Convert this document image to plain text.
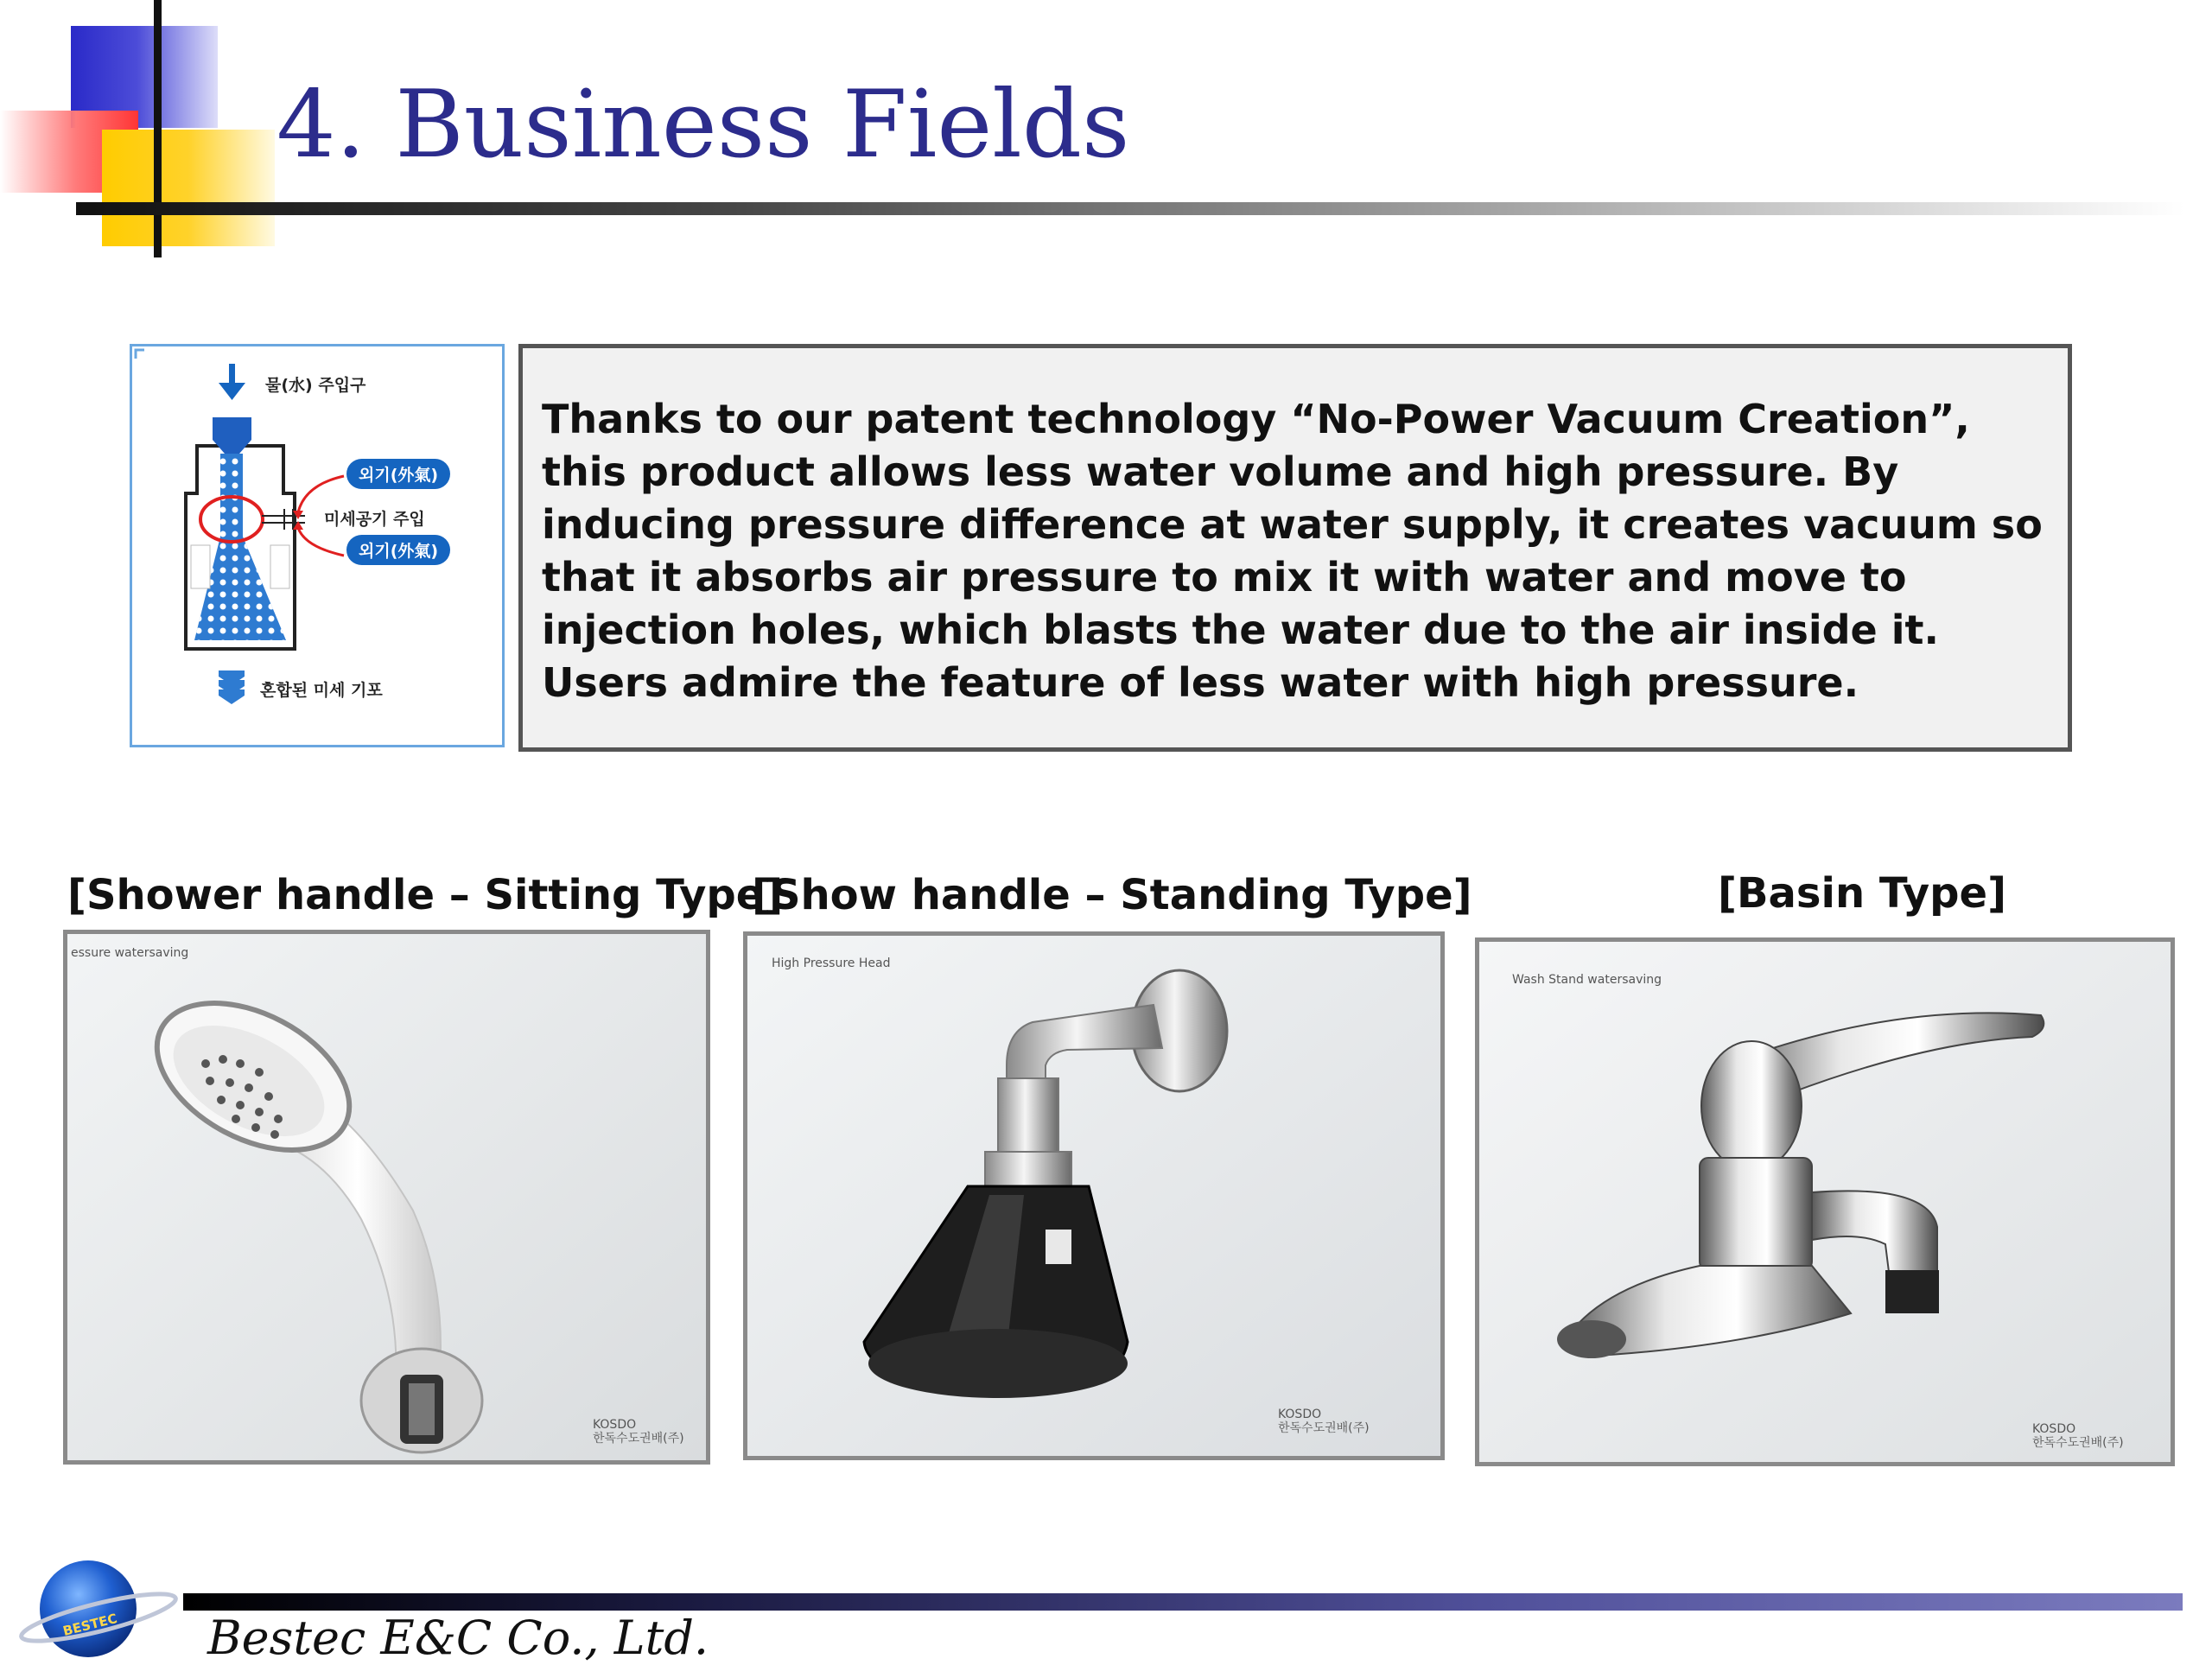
4. Business Fields
물(水) 주입구
외기(外氣)
미세공기 주입
외기(外氣)
혼합된 미세 기포

Thanks to our patent technology “No-Power Vacuum Creation”, this product allows less water volume and high pressure. By inducing pressure difference at water supply, it creates vacuum so that it absorbs air pressure to mix it with water and move to injection holes, which blasts the water due to the air inside it. Users admire the feature of less water with high pressure.

[Shower handle – Sitting Type]
[Show handle – Standing Type]	[Basin Type]
essure watersaving
KOSDO
한독수도권배(주)
High Pressure Head
KOSDO
한독수도권배(주)
Wash Stand watersaving
KOSDO
한독수도권배(주)
BESTEC Bestec E&C Co., Ltd.
